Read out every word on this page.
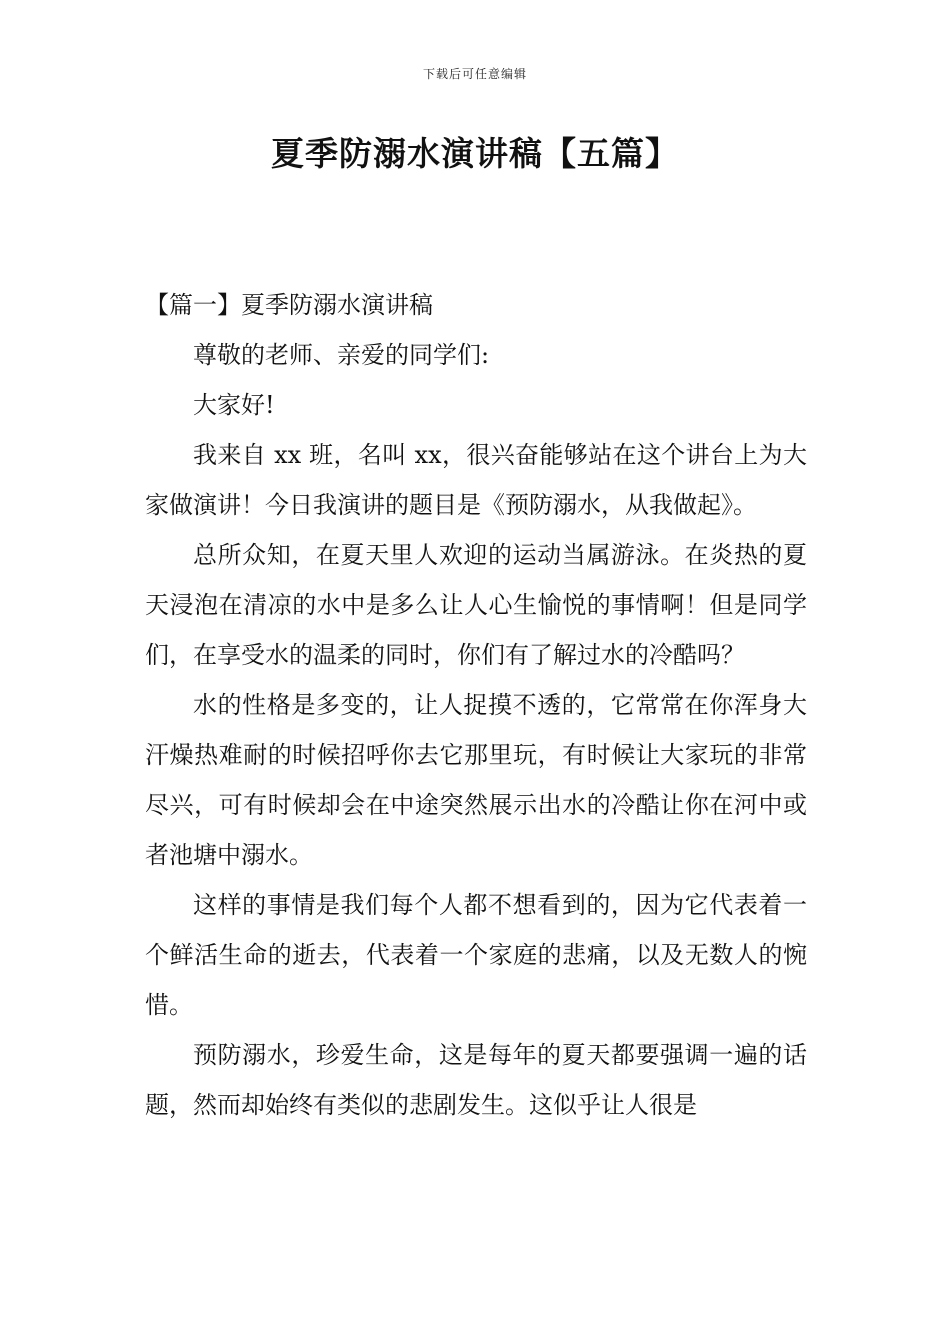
下载后可任意编辑
夏季防溺水演讲稿【五篇】

【篇一】夏季防溺水演讲稿

尊敬的老师、亲爱的同学们:

大家好!

我来自 xx 班，名叫 xx，很兴奋能够站在这个讲台上为大家做演讲！今日我演讲的题目是《预防溺水，从我做起》。

总所众知，在夏天里人欢迎的运动当属游泳。在炎热的夏天浸泡在清凉的水中是多么让人心生愉悦的事情啊！但是同学们，在享受水的温柔的同时，你们有了解过水的冷酷吗？

水的性格是多变的，让人捉摸不透的，它常常在你浑身大汗燥热难耐的时候招呼你去它那里玩，有时候让大家玩的非常尽兴，可有时候却会在中途突然展示出水的冷酷让你在河中或者池塘中溺水。

这样的事情是我们每个人都不想看到的，因为它代表着一个鲜活生命的逝去，代表着一个家庭的悲痛，以及无数人的惋惜。

预防溺水，珍爱生命，这是每年的夏天都要强调一遍的话题，然而却始终有类似的悲剧发生。这似乎让人很是
